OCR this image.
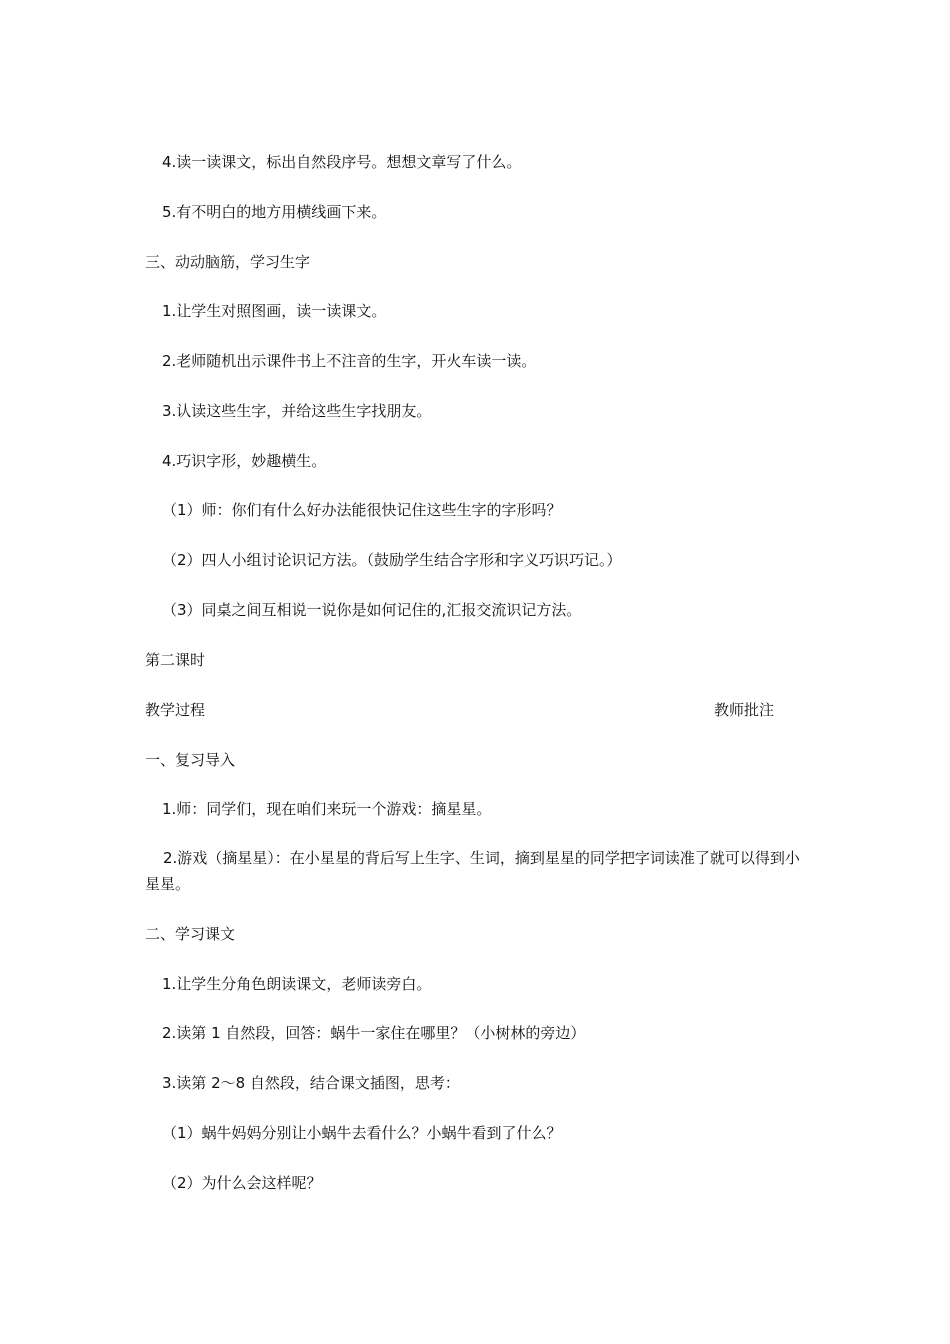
4.读一读课文，标出自然段序号。想想文章写了什么。
5.有不明白的地方用横线画下来。
三、动动脑筋，学习生字
1.让学生对照图画，读一读课文。
2.老师随机出示课件书上不注音的生字，开火车读一读。
3.认读这些生字，并给这些生字找朋友。
4.巧识字形，妙趣横生。
（1）师：你们有什么好办法能很快记住这些生字的字形吗？
（2）四人小组讨论识记方法。（鼓励学生结合字形和字义巧识巧记。）
（3）同桌之间互相说一说你是如何记住的,汇报交流识记方法。
第二课时
教学过程	教师批注
一、复习导入
1.师：同学们，现在咱们来玩一个游戏：摘星星。
2.游戏（摘星星）：在小星星的背后写上生字、生词，摘到星星的同学把字词读准了就可以得到小星星。
二、学习课文
1.让学生分角色朗读课文，老师读旁白。
2.读第 1 自然段，回答：蜗牛一家住在哪里？（小树林的旁边）
3.读第 2～8 自然段，结合课文插图，思考：
（1）蜗牛妈妈分别让小蜗牛去看什么？小蜗牛看到了什么？
（2）为什么会这样呢？
